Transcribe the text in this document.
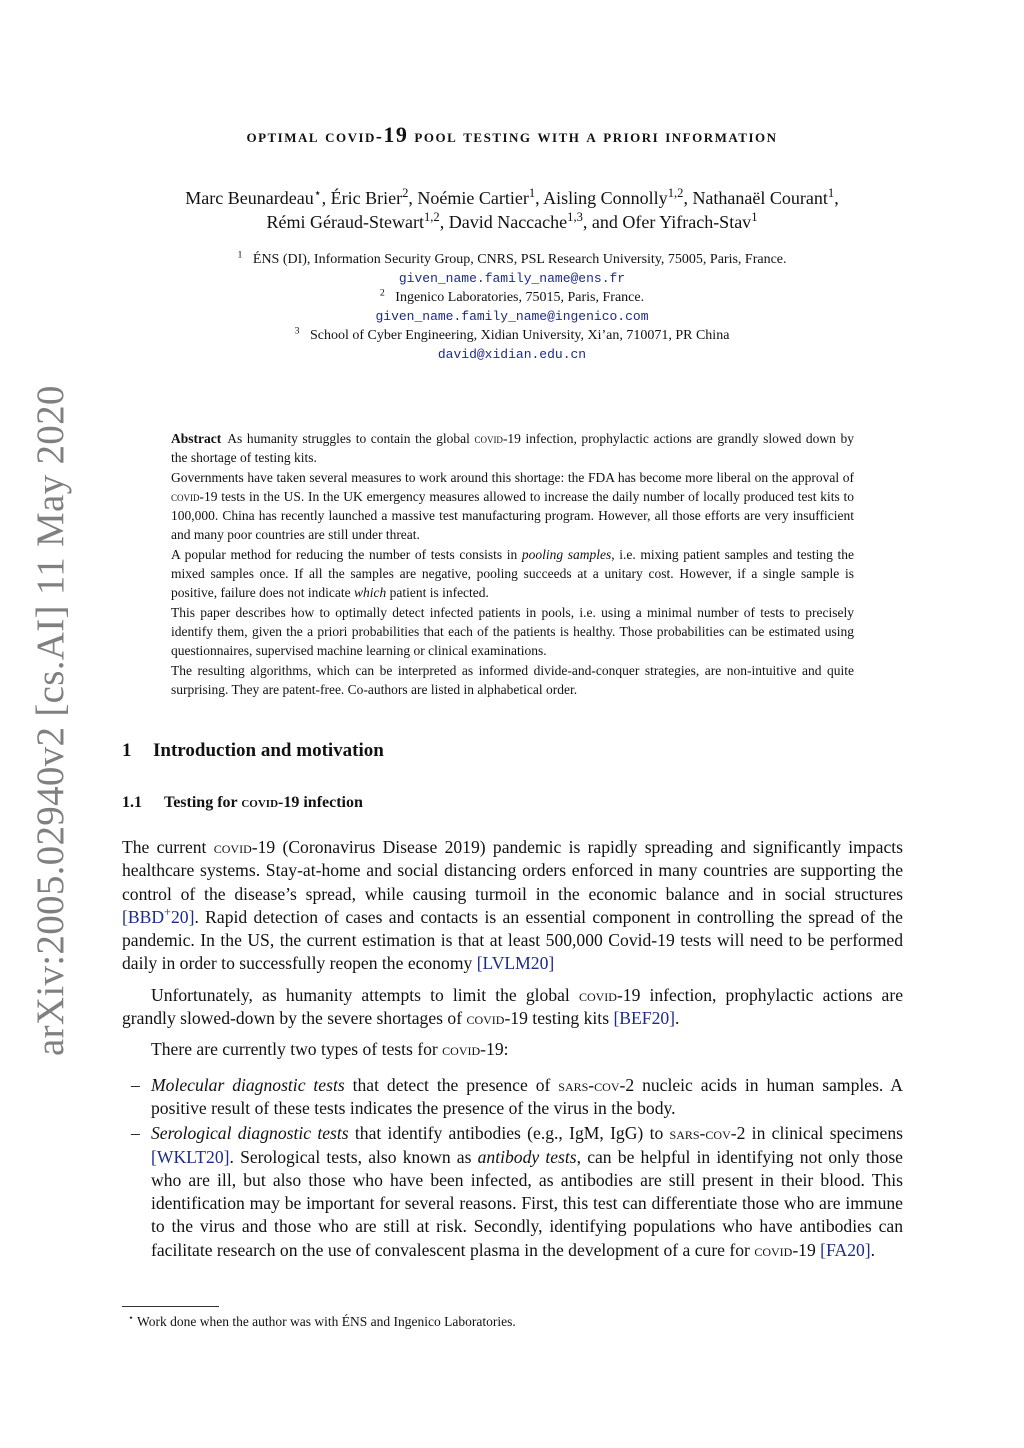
arXiv:2005.02940v2 [cs.AI] 11 May 2020
optimal covid-19 pool testing with a priori information
Marc Beunardeau⋆, Éric Brier$^2$, Noémie Cartier$^1$, Aisling Connolly$^{1,2}$, Nathanaël Courant$^1$,
Rémi Géraud-Stewart$^{1,2}$, David Naccache$^{1,3}$, and Ofer Yifrach-Stav$^1$
$^1$ ÉNS (DI), Information Security Group, CNRS, PSL Research University, 75005, Paris, France.
given_name.family_name@ens.fr
$^2$ Ingenico Laboratories, 75015, Paris, France.
given_name.family_name@ingenico.com
$^3$ School of Cyber Engineering, Xidian University, Xi’an, 710071, PR China
david@xidian.edu.cn

Abstract As humanity struggles to contain the global covid-19 infection, prophylactic actions are grandly slowed down by the shortage of testing kits.

Governments have taken several measures to work around this shortage: the FDA has become more liberal on the approval of covid-19 tests in the US. In the UK emergency measures allowed to increase the daily number of locally produced test kits to 100,000. China has recently launched a massive test manufacturing program. However, all those efforts are very insufficient and many poor countries are still under threat.

A popular method for reducing the number of tests consists in pooling samples, i.e. mixing patient samples and testing the mixed samples once. If all the samples are negative, pooling succeeds at a unitary cost. However, if a single sample is positive, failure does not indicate which patient is infected.

This paper describes how to optimally detect infected patients in pools, i.e. using a minimal number of tests to precisely identify them, given the a priori probabilities that each of the patients is healthy. Those probabilities can be estimated using questionnaires, supervised machine learning or clinical examinations.

The resulting algorithms, which can be interpreted as informed divide-and-conquer strategies, are non-intuitive and quite surprising. They are patent-free. Co-authors are listed in alphabetical order.

1 Introduction and motivation
1.1 Testing for covid-19 infection

The current covid-19 (Coronavirus Disease 2019) pandemic is rapidly spreading and significantly impacts healthcare systems. Stay-at-home and social distancing orders enforced in many countries are supporting the control of the disease’s spread, while causing turmoil in the economic balance and in social structures [BBD+20]. Rapid detection of cases and contacts is an essential component in controlling the spread of the pandemic. In the US, the current estimation is that at least 500,000 Covid-19 tests will need to be performed daily in order to successfully reopen the economy [LVLM20]

Unfortunately, as humanity attempts to limit the global covid-19 infection, prophylactic actions are grandly slowed-down by the severe shortages of covid-19 testing kits [BEF20].

There are currently two types of tests for covid-19:

– Molecular diagnostic tests that detect the presence of sars-cov-2 nucleic acids in human samples. A positive result of these tests indicates the presence of the virus in the body.
– Serological diagnostic tests that identify antibodies (e.g., IgM, IgG) to sars-cov-2 in clinical specimens [WKLT20]. Serological tests, also known as antibody tests, can be helpful in identifying not only those who are ill, but also those who have been infected, as antibodies are still present in their blood. This identification may be important for several reasons. First, this test can differentiate those who are immune to the virus and those who are still at risk. Secondly, identifying populations who have antibodies can facilitate research on the use of convalescent plasma in the development of a cure for covid-19 [FA20].
⋆ Work done when the author was with ÉNS and Ingenico Laboratories.
